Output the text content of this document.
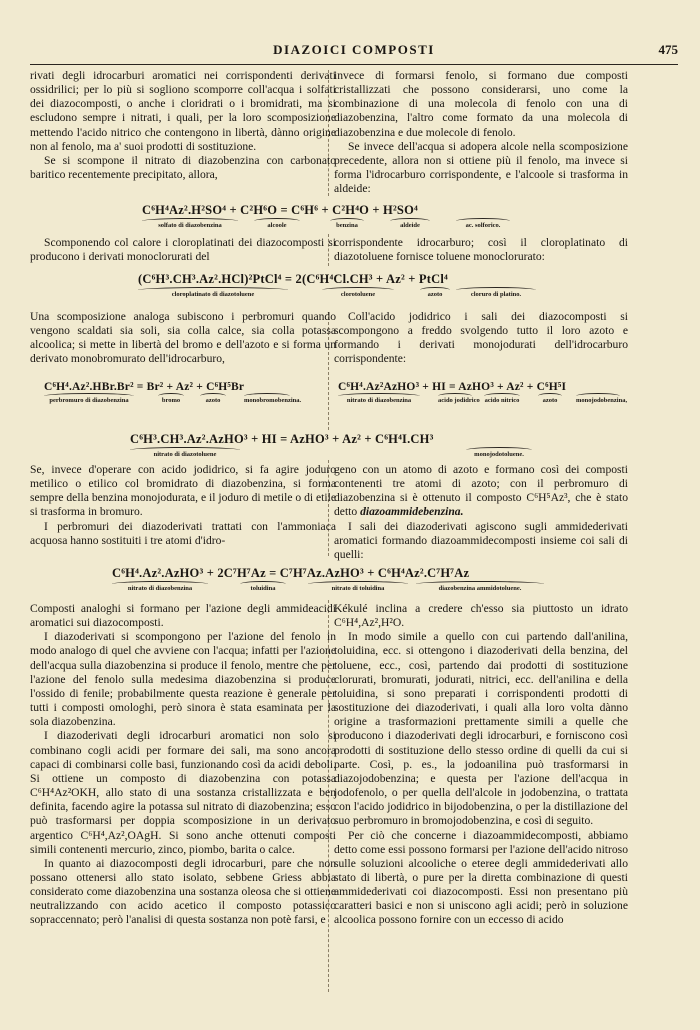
DIAZOICI COMPOSTI	475

rivati degli idrocarburi aromatici nei corrispondenti derivati ossidrilici; per lo più si sogliono scomporre coll'acqua i solfati dei diazocomposti, o anche i cloridrati o i bromidrati, ma si escludono sempre i nitrati, i quali, per la loro scomposizione mettendo l'acido nitrico che contengono in libertà, dànno origine non al fenolo, ma a' suoi prodotti di sostituzione.

Se si scompone il nitrato di diazobenzina con carbonato baritico recentemente precipitato, allora,

invece di formarsi fenolo, si formano due composti cristallizzati che possono considerarsi, uno come la combinazione di una molecola di fenolo con una di diazobenzina, l'altro come formato da una molecola di diazobenzina e due molecole di fenolo.

Se invece dell'acqua si adopera alcole nella scomposizione precedente, allora non si ottiene più il fenolo, ma invece si forma l'idrocarburo corrispondente, e l'alcoole si trasforma in aldeide:

C⁶H⁴Az².H²SO⁴ + C²H⁶O = C⁶H⁶ + C²H⁴O + H²SO⁴
solfato di diazobenzina	alcoole	benzina	aldeide	ac. solforico.

Scomponendo col calore i cloroplatinati dei diazocomposti si producono i derivati monoclorurati del

corrispondente idrocarburo; così il cloroplatinato di diazotoluene fornisce toluene monoclorurato:

(C⁶H³.CH³.Az².HCl)²PtCl⁴ = 2(C⁶H⁴Cl.CH³ + Az² + PtCl⁴
cloroplatinato di diazotoluene	clorotoluene	azoto	cloruro di platino.

Una scomposizione analoga subiscono i perbromuri quando vengono scaldati sia soli, sia colla calce, sia colla potassa alcoolica; si mette in libertà del bromo e dell'azoto e si forma un derivato monobromurato dell'idrocarburo,

Coll'acido jodidrico i sali dei diazocomposti si scompongono a freddo svolgendo tutto il loro azoto e formando i derivati monojodurati dell'idrocarburo corrispondente:

C⁶H⁴.Az².HBr.Br² = Br² + Az² + C⁶H⁵Br
perbromuro di diazobenzina	bromo	azoto	monobromobenzina.
C⁶H⁴.Az²AzHO³ + HI = AzHO³ + Az² + C⁶H⁵I
nitrato di diazobenzina	acido jodidrico acido nitrico	azoto	monojodobenzina,
C⁶H³.CH³.Az².AzHO³ + HI = AzHO³ + Az² + C⁶H⁴I.CH³
nitrato di diazotoluene	monojodotoluene.

Se, invece d'operare con acido jodidrico, si fa agire joduro metilico o etilico col bromidrato di diazobenzina, si forma sempre della benzina monojodurata, e il joduro di metile o di etile si trasforma in bromuro.

I perbromuri dei diazoderivati trattati con l'ammoniaca acquosa hanno sostituiti i tre atomi d'idro-

geno con un atomo di azoto e formano così dei composti contenenti tre atomi di azoto; con il perbromuro di diazobenzina si è ottenuto il composto C⁶H⁵Az³, che è stato detto diazoammidebenzina.

I sali dei diazoderivati agiscono sugli ammidederivati aromatici formando diazoammidecomposti insieme coi sali di quelli:

C⁶H⁴.Az².AzHO³ + 2C⁷H⁷Az = C⁷H⁷Az.AzHO³ + C⁶H⁴Az².C⁷H⁷Az
nitrato di diazobenzina	toluidina	nitrato di toluidina	diazobenzina ammidotoluene.

Composti analoghi si formano per l'azione degli ammideacidi aromatici sui diazocomposti.

I diazoderivati si scompongono per l'azione del fenolo in modo analogo di quel che avviene con l'acqua; infatti per l'azione dell'acqua sulla diazobenzina si produce il fenolo, mentre che per l'azione del fenolo sulla medesima diazobenzina si produce l'ossido di fenile; probabilmente questa reazione è generale per tutti i composti omologhi, però sinora è stata esaminata per la sola diazobenzina.

I diazoderivati degli idrocarburi aromatici non solo si combinano cogli acidi per formare dei sali, ma sono ancora capaci di combinarsi colle basi, funzionando così da acidi deboli. Si ottiene un composto di diazobenzina con potassa C⁶H⁴Az²OKH, allo stato di una sostanza cristallizzata e ben definita, facendo agire la potassa sul nitrato di diazobenzina; esso può trasformarsi per doppia scomposizione in un derivato argentico C⁶H⁴,Az²,OAgH. Si sono anche ottenuti composti simili contenenti mercurio, zinco, piombo, barita o calce.

In quanto ai diazocomposti degli idrocarburi, pare che non possano ottenersi allo stato isolato, sebbene Griess abbia considerato come diazobenzina una sostanza oleosa che si ottiene neutralizzando con acido acetico il composto potassico sopraccennato; però l'analisi di questa sostanza non potè farsi, e

Kékulé inclina a credere ch'esso sia piuttosto un idrato C⁶H⁴,Az²,H²O.

In modo simile a quello con cui partendo dall'anilina, toluidina, ecc. si ottengono i diazoderivati della benzina, del toluene, ecc., così, partendo dai prodotti di sostituzione clorurati, bromurati, jodurati, nitrici, ecc. dell'anilina e della toluidina, si sono preparati i corrispondenti prodotti di sostituzione dei diazoderivati, i quali alla loro volta dànno origine a trasformazioni prettamente simili a quelle che producono i diazoderivati degli idrocarburi, e forniscono così prodotti di sostituzione dello stesso ordine di quelli da cui si parte. Così, p. es., la jodoanilina può trasformarsi in diazojodobenzina; e questa per l'azione dell'acqua in jodofenolo, o per quella dell'alcole in jodobenzina, o trattata con l'acido jodidrico in bijodobenzina, o per la distillazione del suo perbromuro in bromojodobenzina, e così di seguito.

Per ciò che concerne i diazoammidecomposti, abbiamo detto come essi possono formarsi per l'azione dell'acido nitroso sulle soluzioni alcooliche o eteree degli ammidederivati allo stato di libertà, o pure per la diretta combinazione di questi ammidederivati coi diazocomposti. Essi non presentano più caratteri basici e non si uniscono agli acidi; però in soluzione alcoolica possono fornire con un eccesso di acido
